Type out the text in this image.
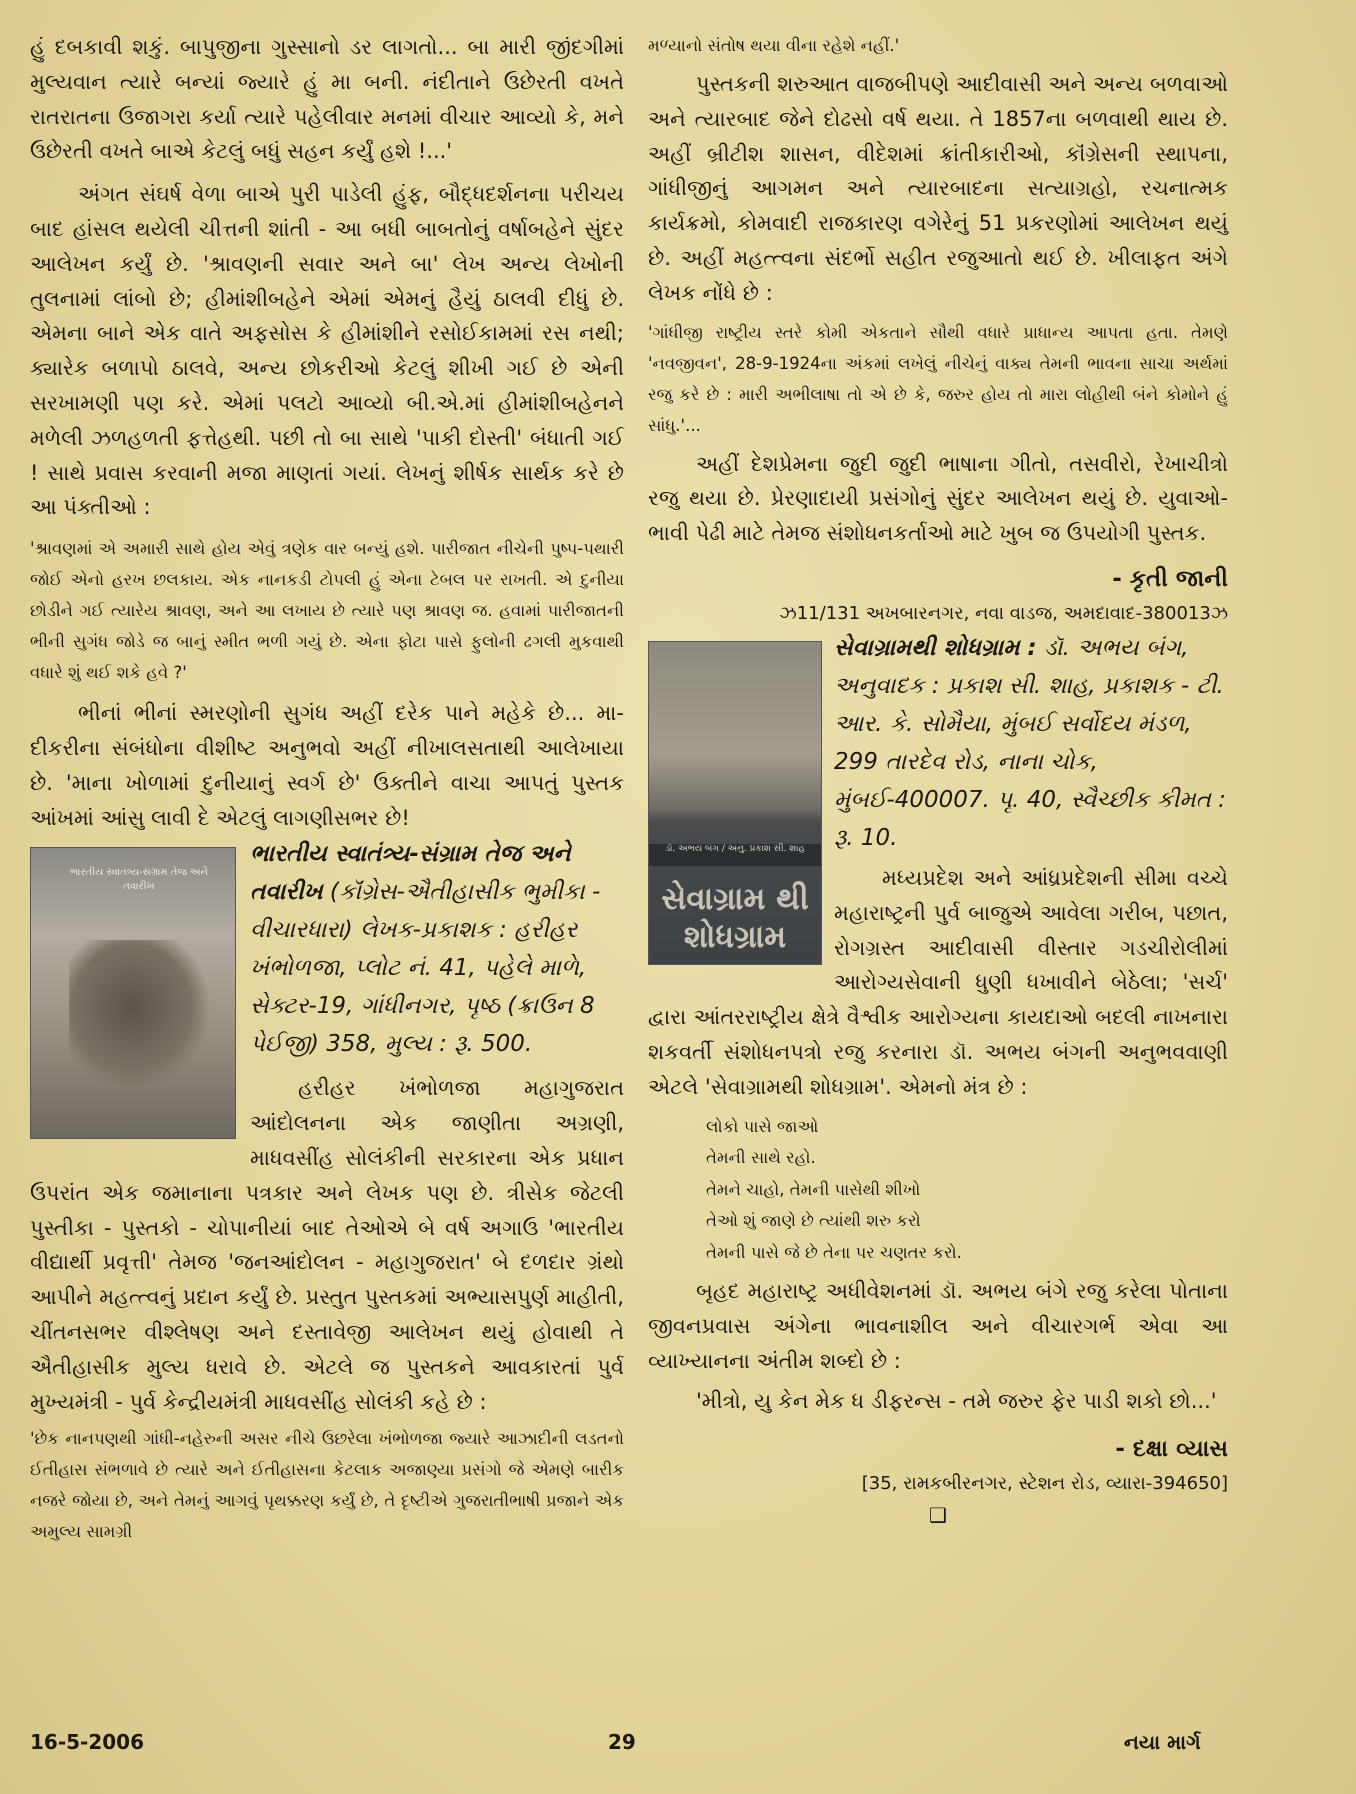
હું દબકાવી શકું. બાપુજીના ગુસ્સાનો ડર લાગતો... બા મારી જીંદગીમાં મુલ્યવાન ત્યારે બન્યાં જ્યારે હું મા બની. નંદીતાને ઉછેરતી વખતે રાતરાતના ઉજાગરા કર્યા ત્યારે પહેલીવાર મનમાં વીચાર આવ્યો કે, મને ઉછેરતી વખતે બાએ કેટલું બધું સહન કર્યું હશે !...'

અંગત સંઘર્ષ વેળા બાએ પુરી પાડેલી હુંફ, બૌદ્ધદર્શનના પરીચય બાદ હાંસલ થયેલી ચીત્તની શાંતી - આ બધી બાબતોનું વર્ષાબહેને સુંદર આલેખન કર્યું છે. 'શ્રાવણની સવાર અને બા' લેખ અન્ય લેખોની તુલનામાં લાંબો છે; હીમાંશીબહેને એમાં એમનું હૈયું ઠાલવી દીધું છે. એમના બાને એક વાતે અફસોસ કે હીમાંશીને રસોઈકામમાં રસ નથી; ક્યારેક બળાપો ઠાલવે, અન્ય છોકરીઓ કેટલું શીખી ગઈ છે એની સરખામણી પણ કરે. એમાં પલટો આવ્યો બી.એ.માં હીમાંશીબહેનને મળેલી ઝળહળતી ફત્તેહથી. પછી તો બા સાથે 'પાકી દોસ્તી' બંધાતી ગઈ ! સાથે પ્રવાસ કરવાની મજા માણતાં ગયાં. લેખનું શીર્ષક સાર્થક કરે છે આ પંક્તીઓ :

'શ્રાવણમાં એ અમારી સાથે હોય એવું ત્રણેક વાર બન્યું હશે. પારીજાત નીચેની પુષ્પ-પથારી જોઈ એનો હરખ છલકાય. એક નાનકડી ટોપલી હું એના ટેબલ પર રાખતી. એ દુનીયા છોડીને ગઈ ત્યારેય શ્રાવણ, અને આ લખાય છે ત્યારે પણ શ્રાવણ જ. હવામાં પારીજાતની ભીની સુગંધ જોડે જ બાનું સ્મીત ભળી ગયું છે. એના ફોટા પાસે ફુલોની ઢગલી મુકવાથી વધારે શું થઈ શકે હવે ?'

ભીનાં ભીનાં સ્મરણોની સુગંધ અહીં દરેક પાને મહેકે છે... મા-દીકરીના સંબંધોના વીશીષ્ટ અનુભવો અહીં નીખાલસતાથી આલેખાયા છે. 'માના ખોળામાં દુનીયાનું સ્વર્ગ છે' ઉક્તીને વાચા આપતું પુસ્તક આંખમાં આંસુ લાવી દે એટલું લાગણીસભર છે!

ભારતીય સ્વાતંત્ર્ય-સંગ્રામ તેજ અને તવારીખ

ભારતીય સ્વાતંત્ર્ય-સંગ્રામ તેજ અને તવારીખ (કૉંગ્રેસ-ઐતીહાસીક ભુમીકા - વીચારધારા) લેખક-પ્રકાશક : હરીહર ખંભોળજા, પ્લોટ નં. 41, પહેલે માળે, સેક્ટર-19, ગાંધીનગર, પૃષ્ઠ (ક્રાઉન 8 પેઈજી) 358, મુલ્ય : રૂ. 500.

હરીહર ખંભોળજા મહાગુજરાત આંદોલનના એક જાણીતા અગ્રણી, માધવસીંહ સોલંકીની સરકારના એક પ્રધાન ઉપરાંત એક જમાનાના પત્રકાર અને લેખક પણ છે. ત્રીસેક જેટલી પુસ્તીકા - પુસ્તકો - ચોપાનીયાં બાદ તેઓએ બે વર્ષ અગાઉ 'ભારતીય વીદ્યાર્થી પ્રવૃત્તી' તેમજ 'જનઆંદોલન - મહાગુજરાત' બે દળદાર ગ્રંથો આપીને મહત્ત્વનું પ્રદાન કર્યું છે. પ્રસ્તુત પુસ્તકમાં અભ્યાસપુર્ણ માહીતી, ચીંતનસભર વીશ્લેષણ અને દસ્તાવેજી આલેખન થયું હોવાથી તે ઐતીહાસીક મુલ્ય ધરાવે છે. એટલે જ પુસ્તકને આવકારતાં પુર્વ મુખ્યમંત્રી - પુર્વ કેન્દ્રીયમંત્રી માધવસીંહ સોલંકી કહે છે :

'છેક નાનપણથી ગાંધી-નહેરુની અસર નીચે ઉછરેલા ખંભોળજા જ્યારે આઝાદીની લડતનો ઈતીહાસ સંભળાવે છે ત્યારે અને ઈતીહાસના કેટલાક અજાણ્યા પ્રસંગો જે એમણે બારીક નજરે જોયા છે, અને તેમનું આગવું પૃથક્કરણ કર્યું છે, તે દૃષ્ટીએ ગુજરાતીભાષી પ્રજાને એક અમુલ્ય સામગ્રી

મળ્યાનો સંતોષ થયા વીના રહેશે નહીં.'

પુસ્તકની શરુઆત વાજબીપણે આદીવાસી અને અન્ય બળવાઓ અને ત્યારબાદ જેને દોઢસો વર્ષ થયા. તે 1857ના બળવાથી થાય છે. અહીં બ્રીટીશ શાસન, વીદેશમાં ક્રાંતીકારીઓ, કૉંગ્રેસની સ્થાપના, ગાંધીજીનું આગમન અને ત્યારબાદના સત્યાગ્રહો, રચનાત્મક કાર્યક્રમો, કોમવાદી રાજકારણ વગેરેનું 51 પ્રકરણોમાં આલેખન થયું છે. અહીં મહત્ત્વના સંદર્ભો સહીત રજુઆતો થઈ છે. ખીલાફત અંગે લેખક નોંધે છે :

'ગાંધીજી રાષ્ટ્રીય સ્તરે કોમી એકતાને સૌથી વધારે પ્રાધાન્ય આપતા હતા. તેમણે 'નવજીવન', 28-9-1924ના અંકમાં લખેલું નીચેનું વાક્ય તેમની ભાવના સાચા અર્થમાં રજુ કરે છે : મારી અભીલાષા તો એ છે કે, જરુર હોય તો મારા લોહીથી બંને કોમોને હું સાંધુ.'...

અહીં દેશપ્રેમના જુદી જુદી ભાષાના ગીતો, તસવીરો, રેખાચીત્રો રજુ થયા છે. પ્રેરણાદાયી પ્રસંગોનું સુંદર આલેખન થયું છે. યુવાઓ-ભાવી પેઢી માટે તેમજ સંશોધનકર્તાઓ માટે ખુબ જ ઉપયોગી પુસ્તક.

- કૃતી જાની

ઝ11/131 અખબારનગર, નવા વાડજ, અમદાવાદ-380013ઝ

ડૉ. અભય બંગ / અનુ. પ્રકાશ સી. શાહ
સેવાગ્રામ થી શોધગ્રામ

સેવાગ્રામથી શોધગ્રામ : ડૉ. અભય બંગ, અનુવાદક : પ્રકાશ સી. શાહ, પ્રકાશક - ટી. આર. કે. સોમૈયા, મુંબઈ સર્વોદય મંડળ, 299 તારદેવ રોડ, નાના ચોક, મુંબઈ-400007. પૃ. 40, સ્વૈચ્છીક કીમત : રૂ. 10.

મધ્યપ્રદેશ અને આંધ્રપ્રદેશની સીમા વચ્ચે મહારાષ્ટ્રની પુર્વ બાજુએ આવેલા ગરીબ, પછાત, રોગગ્રસ્ત આદીવાસી વીસ્તાર ગડચીરોલીમાં આરોગ્યસેવાની ધુણી ધખાવીને બેઠેલા; 'સર્ચ' દ્વારા આંતરરાષ્ટ્રીય ક્ષેત્રે વૈશ્વીક આરોગ્યના કાયદાઓ બદલી નાખનારા શકવર્તી સંશોધનપત્રો રજુ કરનારા ડૉ. અભય બંગની અનુભવવાણી એટલે 'સેવાગ્રામથી શોધગ્રામ'. એમનો મંત્ર છે :

લોકો પાસે જાઓ

તેમની સાથે રહો.

તેમને ચાહો, તેમની પાસેથી શીખો

તેઓ શું જાણે છે ત્યાંથી શરુ કરો

તેમની પાસે જે છે તેના પર ચણતર કરો.

બૃહદ મહારાષ્ટ્ર અધીવેશનમાં ડૉ. અભય બંગે રજુ કરેલા પોતાના જીવનપ્રવાસ અંગેના ભાવનાશીલ અને વીચારગર્ભ એવા આ વ્યાખ્યાનના અંતીમ શબ્દો છે :

'મીત્રો, યુ કેન મેક ધ ડીફરન્સ - તમે જરુર ફેર પાડી શકો છો...'

- દક્ષા વ્યાસ

[35, રામકબીરનગર, સ્ટેશન રોડ, વ્યારા-394650]

❑

16-5-2006	29	નયા માર્ગ
